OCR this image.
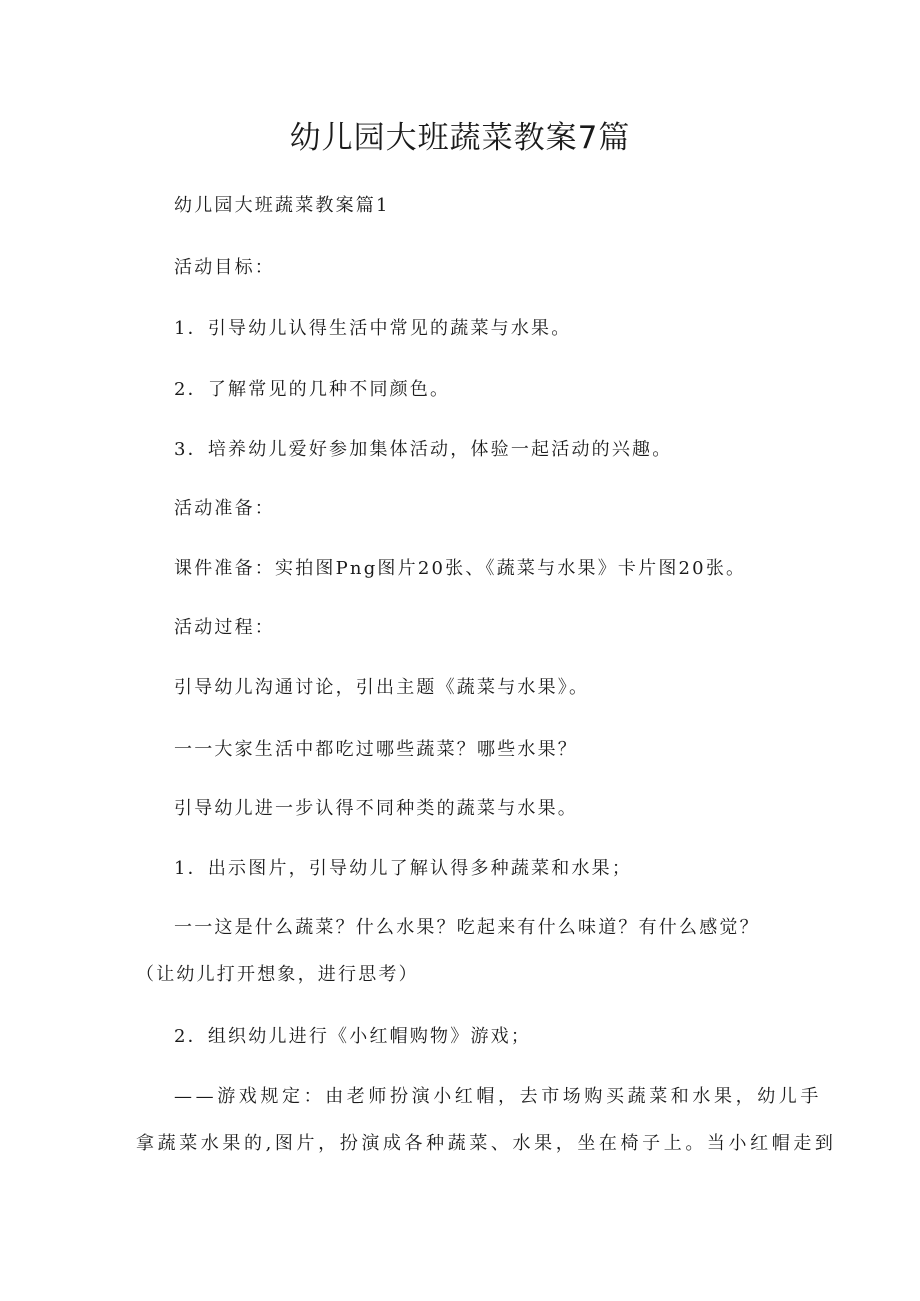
幼儿园大班蔬菜教案7篇
幼儿园大班蔬菜教案篇1
活动目标：
1．引导幼儿认得生活中常见的蔬菜与水果。
2．了解常见的几种不同颜色。
3．培养幼儿爱好参加集体活动，体验一起活动的兴趣。
活动准备：
课件准备：实拍图Png图片20张、《蔬菜与水果》卡片图20张。
活动过程：
引导幼儿沟通讨论，引出主题《蔬菜与水果》。
一一大家生活中都吃过哪些蔬菜？哪些水果？
引导幼儿进一步认得不同种类的蔬菜与水果。
1．出示图片，引导幼儿了解认得多种蔬菜和水果；
一一这是什么蔬菜？什么水果？吃起来有什么味道？有什么感觉？
（让幼儿打开想象，进行思考）
2．组织幼儿进行《小红帽购物》游戏；
——游戏规定：由老师扮演小红帽，去市场购买蔬菜和水果，幼儿手
拿蔬菜水果的,图片，扮演成各种蔬菜、水果，坐在椅子上。当小红帽走到
